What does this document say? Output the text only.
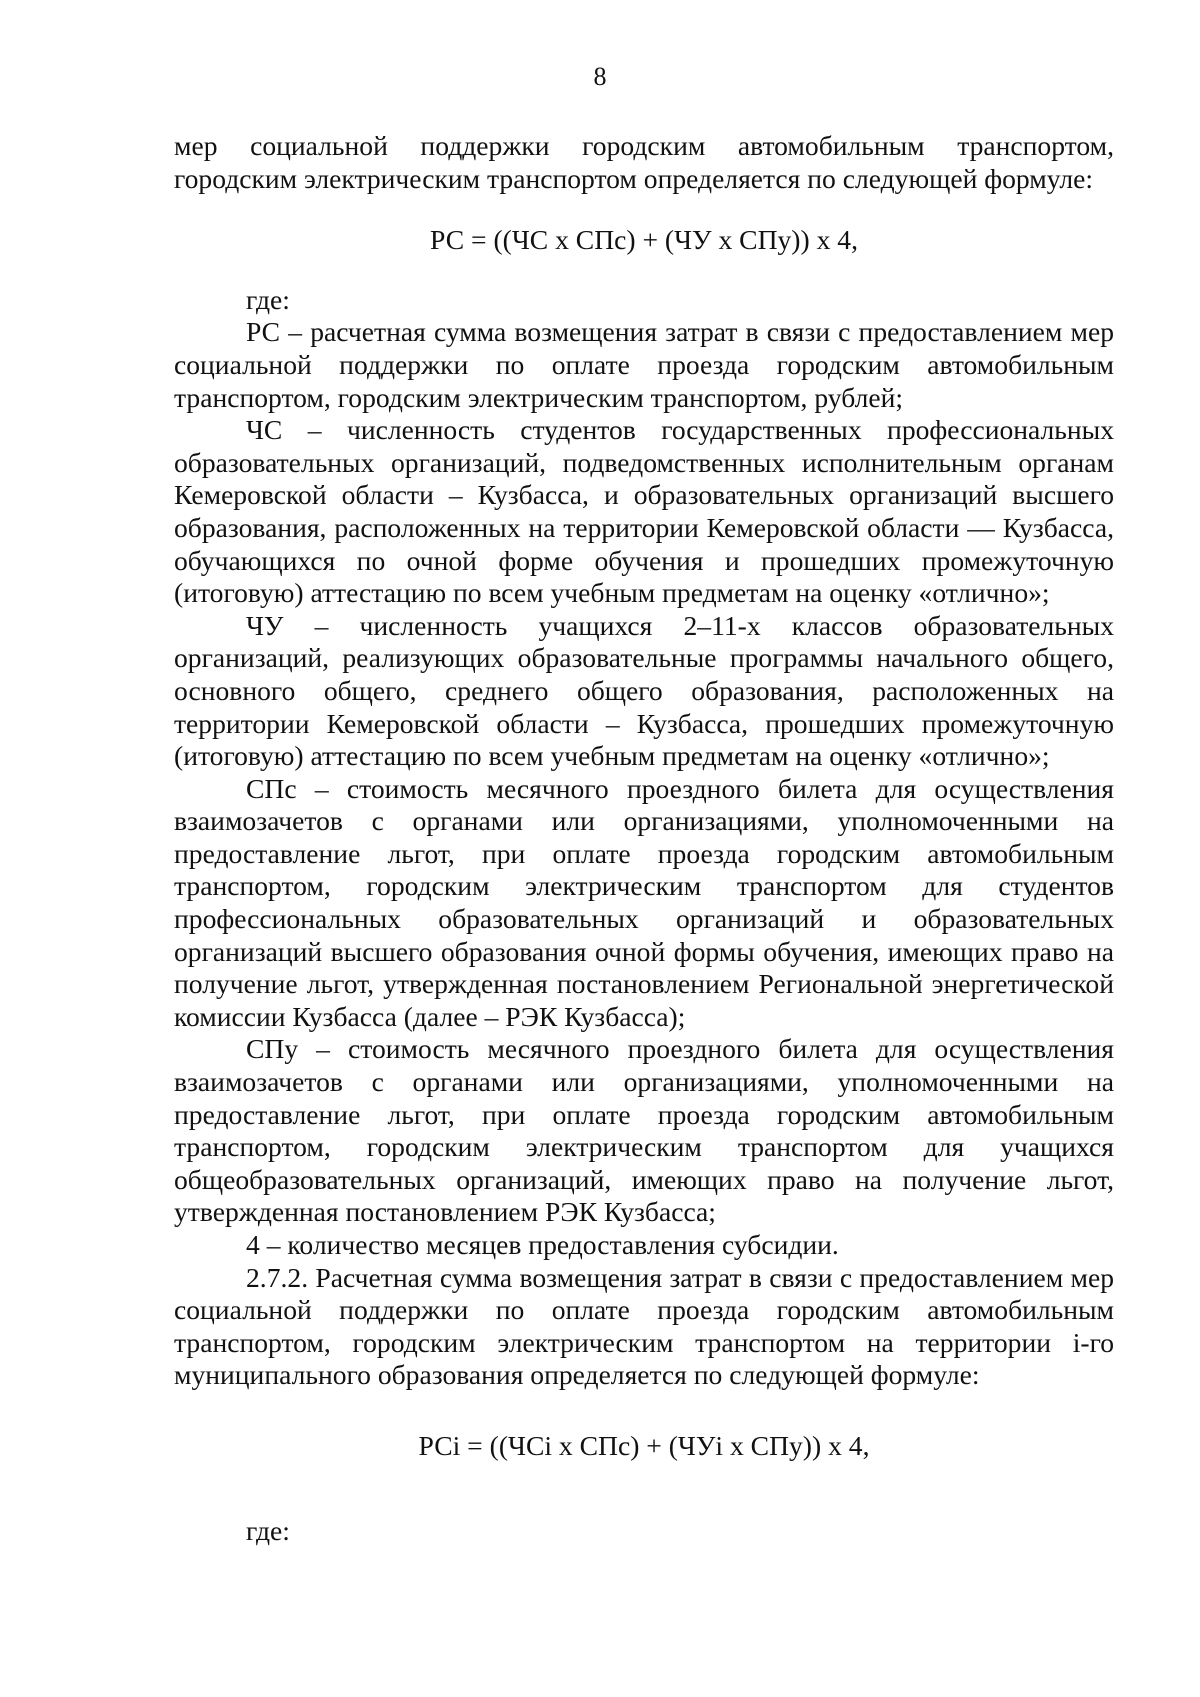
8

мер социальной поддержки городским автомобильным транспортом, городским электрическим транспортом определяется по следующей формуле:

РС = ((ЧС х СПс) + (ЧУ х СПу)) х 4,

где:

РС – расчетная сумма возмещения затрат в связи с предоставлением мер социальной поддержки по оплате проезда городским автомобильным транспортом, городским электрическим транспортом, рублей;

ЧС – численность студентов государственных профессиональных образовательных организаций, подведомственных исполнительным органам Кемеровской области – Кузбасса, и образовательных организаций высшего образования, расположенных на территории Кемеровской области — Кузбасса, обучающихся по очной форме обучения и прошедших промежуточную (итоговую) аттестацию по всем учебным предметам на оценку «отлично»;

ЧУ – численность учащихся 2–11-х классов образовательных организаций, реализующих образовательные программы начального общего, основного общего, среднего общего образования, расположенных на территории Кемеровской области – Кузбасса, прошедших промежуточную (итоговую) аттестацию по всем учебным предметам на оценку «отлично»;

СПс – стоимость месячного проездного билета для осуществления взаимозачетов с органами или организациями, уполномоченными на предоставление льгот, при оплате проезда городским автомобильным транспортом, городским электрическим транспортом для студентов профессиональных образовательных организаций и образовательных организаций высшего образования очной формы обучения, имеющих право на получение льгот, утвержденная постановлением Региональной энергетической комиссии Кузбасса (далее – РЭК Кузбасса);

СПу – стоимость месячного проездного билета для осуществления взаимозачетов с органами или организациями, уполномоченными на предоставление льгот, при оплате проезда городским автомобильным транспортом, городским электрическим транспортом для учащихся общеобразовательных организаций, имеющих право на получение льгот, утвержденная постановлением РЭК Кузбасса;

4 – количество месяцев предоставления субсидии.

2.7.2. Расчетная сумма возмещения затрат в связи с предоставлением мер социальной поддержки по оплате проезда городским автомобильным транспортом, городским электрическим транспортом на территории i-го муниципального образования определяется по следующей формуле:

РСi = ((ЧСi х СПс) + (ЧУi х СПу)) х 4,

где:
